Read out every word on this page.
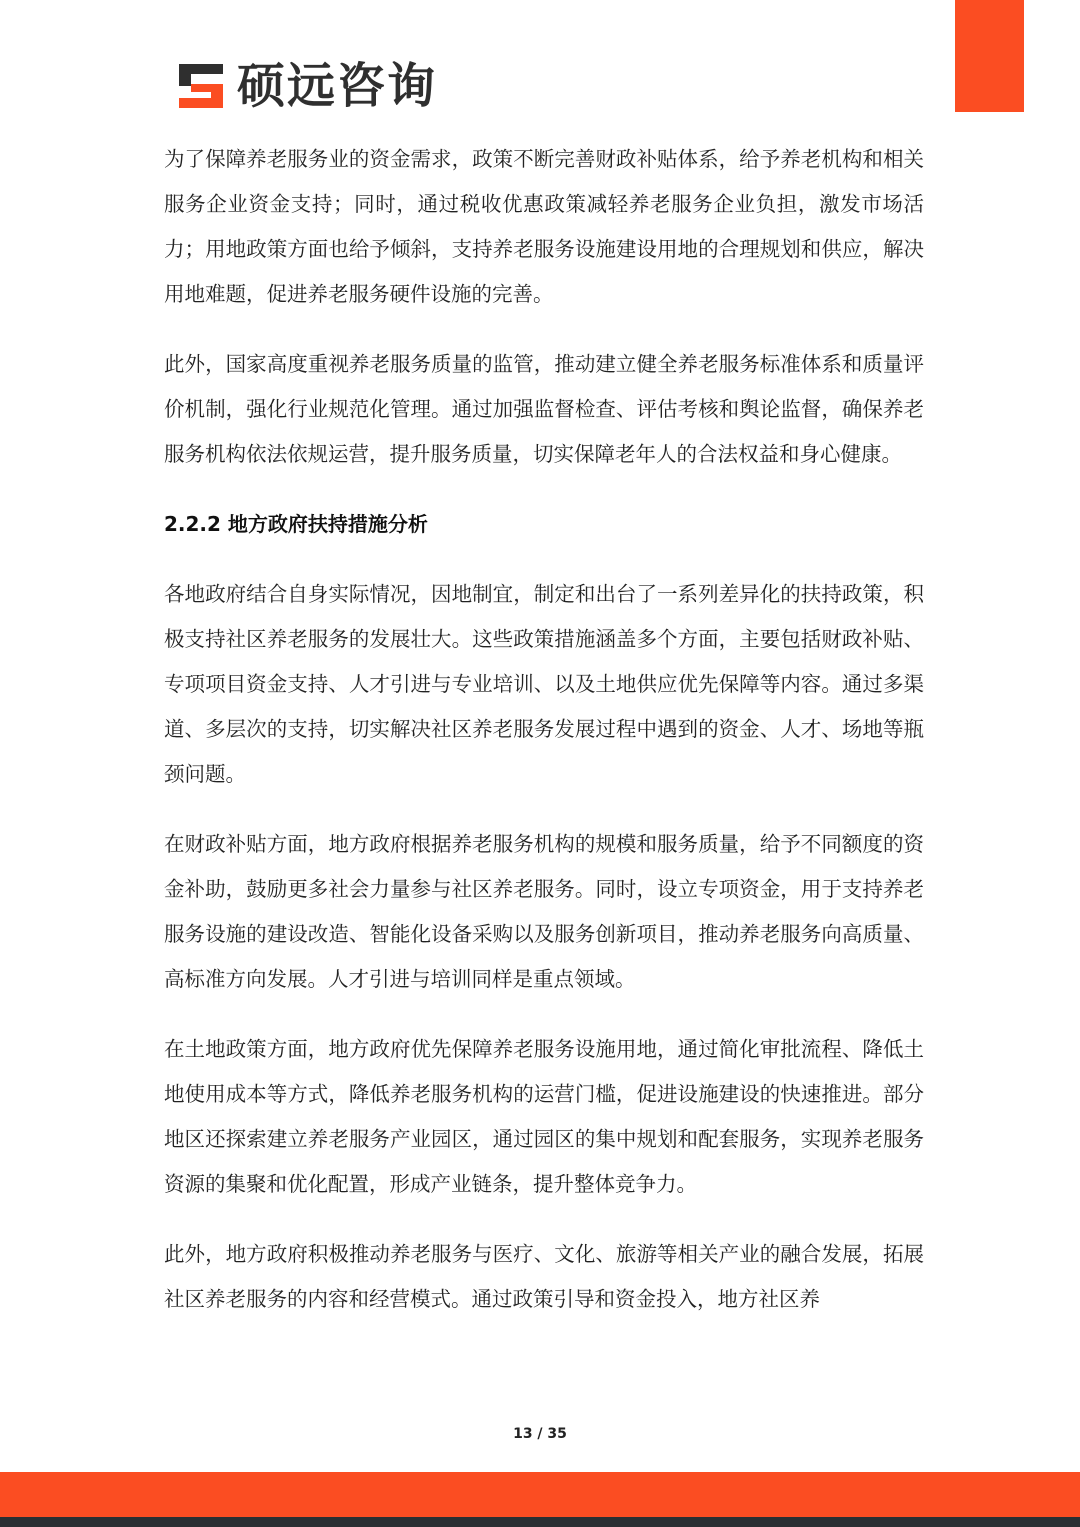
硕远咨询

为了保障养老服务业的资金需求，政策不断完善财政补贴体系，给予养老机构和相关服务企业资金支持；同时，通过税收优惠政策减轻养老服务企业负担，激发市场活力；用地政策方面也给予倾斜，支持养老服务设施建设用地的合理规划和供应，解决用地难题，促进养老服务硬件设施的完善。

此外，国家高度重视养老服务质量的监管，推动建立健全养老服务标准体系和质量评价机制，强化行业规范化管理。通过加强监督检查、评估考核和舆论监督，确保养老服务机构依法依规运营，提升服务质量，切实保障老年人的合法权益和身心健康。

2.2.2 地方政府扶持措施分析

各地政府结合自身实际情况，因地制宜，制定和出台了一系列差异化的扶持政策，积极支持社区养老服务的发展壮大。这些政策措施涵盖多个方面，主要包括财政补贴、专项项目资金支持、人才引进与专业培训、以及土地供应优先保障等内容。通过多渠道、多层次的支持，切实解决社区养老服务发展过程中遇到的资金、人才、场地等瓶颈问题。

在财政补贴方面，地方政府根据养老服务机构的规模和服务质量，给予不同额度的资金补助，鼓励更多社会力量参与社区养老服务。同时，设立专项资金，用于支持养老服务设施的建设改造、智能化设备采购以及服务创新项目，推动养老服务向高质量、高标准方向发展。人才引进与培训同样是重点领域。

在土地政策方面，地方政府优先保障养老服务设施用地，通过简化审批流程、降低土地使用成本等方式，降低养老服务机构的运营门槛，促进设施建设的快速推进。部分地区还探索建立养老服务产业园区，通过园区的集中规划和配套服务，实现养老服务资源的集聚和优化配置，形成产业链条，提升整体竞争力。

此外，地方政府积极推动养老服务与医疗、文化、旅游等相关产业的融合发展，拓展社区养老服务的内容和经营模式。通过政策引导和资金投入，地方社区养

13 / 35
